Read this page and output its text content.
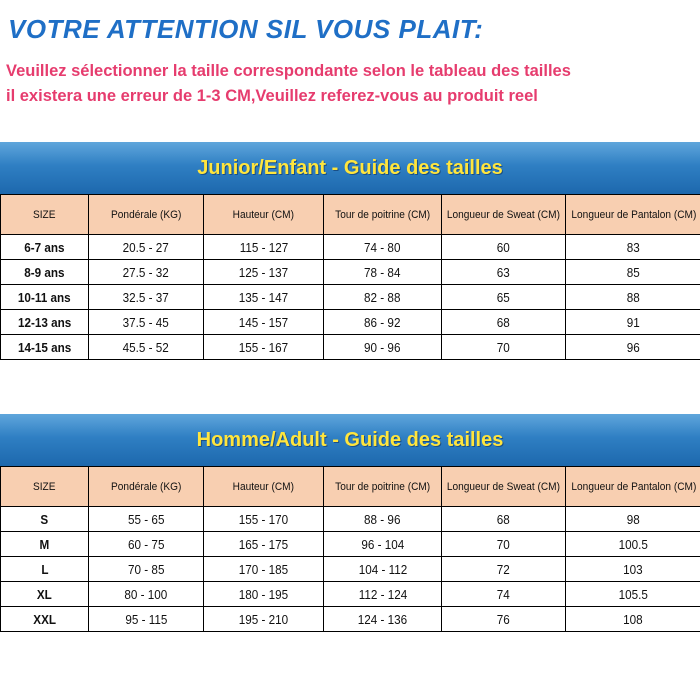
VOTRE ATTENTION SIL VOUS PLAIT:
Veuillez sélectionner la taille correspondante selon le tableau des tailles
il existera une erreur de 1-3 CM,Veuillez referez-vous au produit reel
Junior/Enfant - Guide des tailles
SIZE	Pondérale (KG)	Hauteur (CM)	Tour de poitrine (CM)	Longueur de Sweat (CM)	Longueur de Pantalon (CM)
6-7 ans	20.5 - 27	115 - 127	74 - 80	60	83
8-9 ans	27.5 - 32	125 - 137	78 - 84	63	85
10-11 ans	32.5 - 37	135 - 147	82 - 88	65	88
12-13 ans	37.5 - 45	145 - 157	86 - 92	68	91
14-15 ans	45.5 - 52	155 - 167	90 - 96	70	96
Homme/Adult - Guide des tailles
SIZE	Pondérale (KG)	Hauteur (CM)	Tour de poitrine (CM)	Longueur de Sweat (CM)	Longueur de Pantalon (CM)
S	55 - 65	155 - 170	88 - 96	68	98
M	60 - 75	165 - 175	96 - 104	70	100.5
L	70 - 85	170 - 185	104 - 112	72	103
XL	80 - 100	180 - 195	112 - 124	74	105.5
XXL	95 - 115	195 - 210	124 - 136	76	108
